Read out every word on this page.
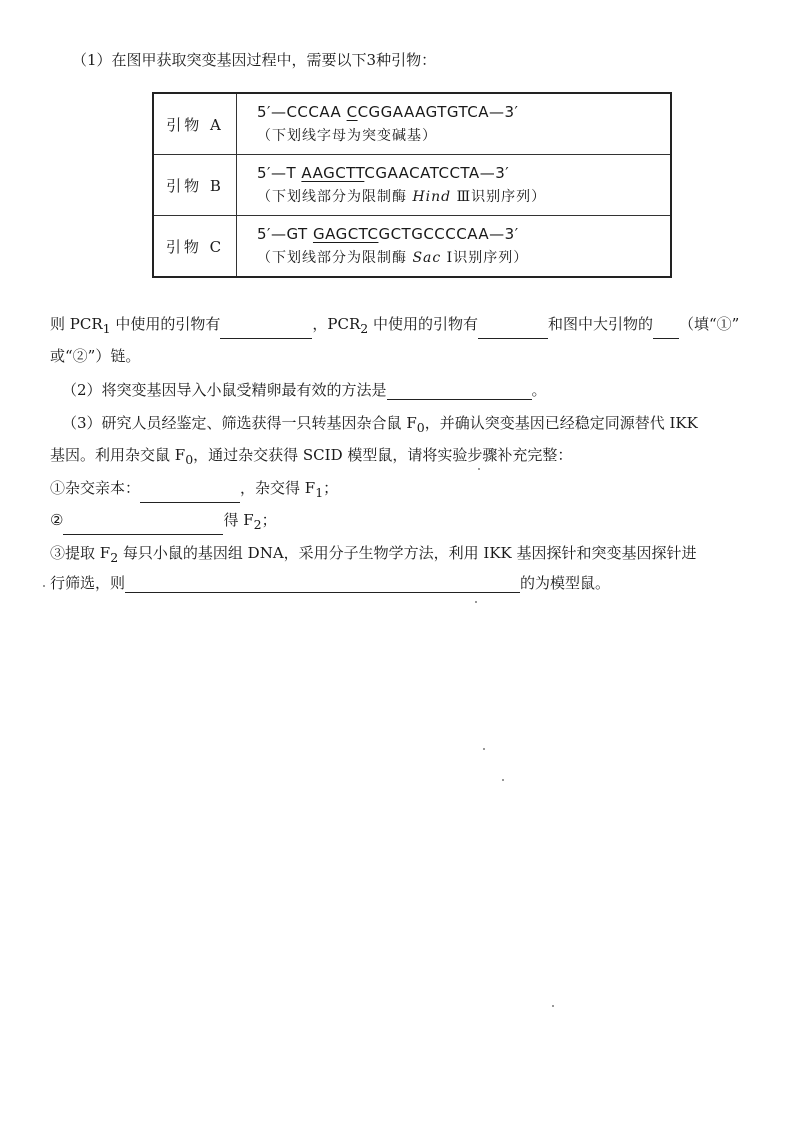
（1）在图甲获取突变基因过程中，需要以下3种引物：
引物 A	5′—CCCAA CCGGAAAGTGTCA—3′
（下划线字母为突变碱基）

引物 B	5′—T AAGCTTCGAACATCCTA—3′
（下划线部分为限制酶 Hind Ⅲ识别序列）

引物 C	5′—GT GAGCTCGCTGCCCCAA—3′
（下划线部分为限制酶 Sac Ⅰ识别序列）
则 $PCR_1$ 中使用的引物有	，$PCR_2$ 中使用的引物有	和图中大引物的 （填“①”
或“②”）链。
（2）将突变基因导入小鼠受精卵最有效的方法是	。
（3）研究人员经鉴定、筛选获得一只转基因杂合鼠 $F_0$，并确认突变基因已经稳定同源替代 IKK
基因。利用杂交鼠 $F_0$，通过杂交获得 SCID 模型鼠，请将实验步骤补充完整：
①杂交亲本：	，杂交得 $F_1$；
②	得 $F_2$；
③提取 $F_2$ 每只小鼠的基因组 DNA，采用分子生物学方法，利用 IKK 基因探针和突变基因探针进
行筛选，则	的为模型鼠。
